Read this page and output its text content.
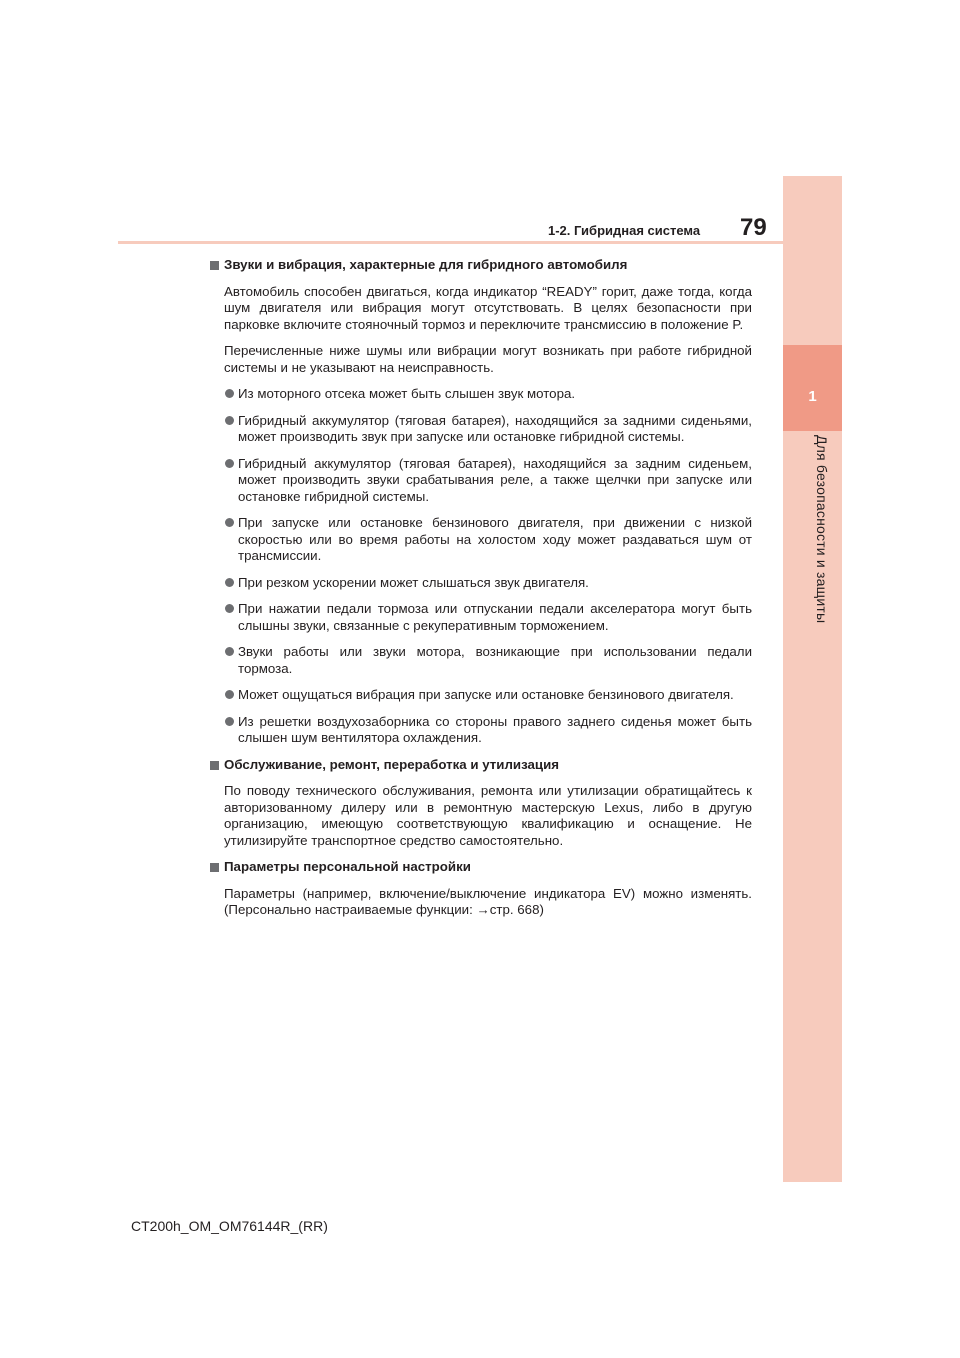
1
Для безопасности и защиты
1-2. Гибридная система 79
Звуки и вибрация, характерные для гибридного автомобиля
Автомобиль способен двигаться, когда индикатор “READY” горит, даже тогда, когда шум двигателя или вибрация могут отсутствовать. В целях безопасности при парковке включите стояночный тормоз и переключите трансмиссию в положение P.
Перечисленные ниже шумы или вибрации могут возникать при работе гибридной системы и не указывают на неисправность.
Из моторного отсека может быть слышен звук мотора.
Гибридный аккумулятор (тяговая батарея), находящийся за задними сиденьями, может производить звук при запуске или остановке гибридной системы.
Гибридный аккумулятор (тяговая батарея), находящийся за задним сиденьем, может производить звуки срабатывания реле, а также щелчки при запуске или остановке гибридной системы.
При запуске или остановке бензинового двигателя, при движении с низкой скоростью или во время работы на холостом ходу может раздаваться шум от трансмиссии.
При резком ускорении может слышаться звук двигателя.
При нажатии педали тормоза или отпускании педали акселератора могут быть слышны звуки, связанные с рекуперативным торможением.
Звуки работы или звуки мотора, возникающие при использовании педали тормоза.
Может ощущаться вибрация при запуске или остановке бензинового двигателя.
Из решетки воздухозаборника со стороны правого заднего сиденья может быть слышен шум вентилятора охлаждения.
Обслуживание, ремонт, переработка и утилизация
По поводу технического обслуживания, ремонта или утилизации обратищайтесь к авторизованному дилеру или в ремонтную мастерскую Lexus, либо в другую организацию, имеющую соответствующую квалификацию и оснащение. Не утилизируйте транспортное средство самостоятельно.
Параметры персональной настройки
Параметры (например, включение/выключение индикатора EV) можно изменять. (Персонально настраиваемые функции: →стр. 668)
CT200h_OM_OM76144R_(RR)
